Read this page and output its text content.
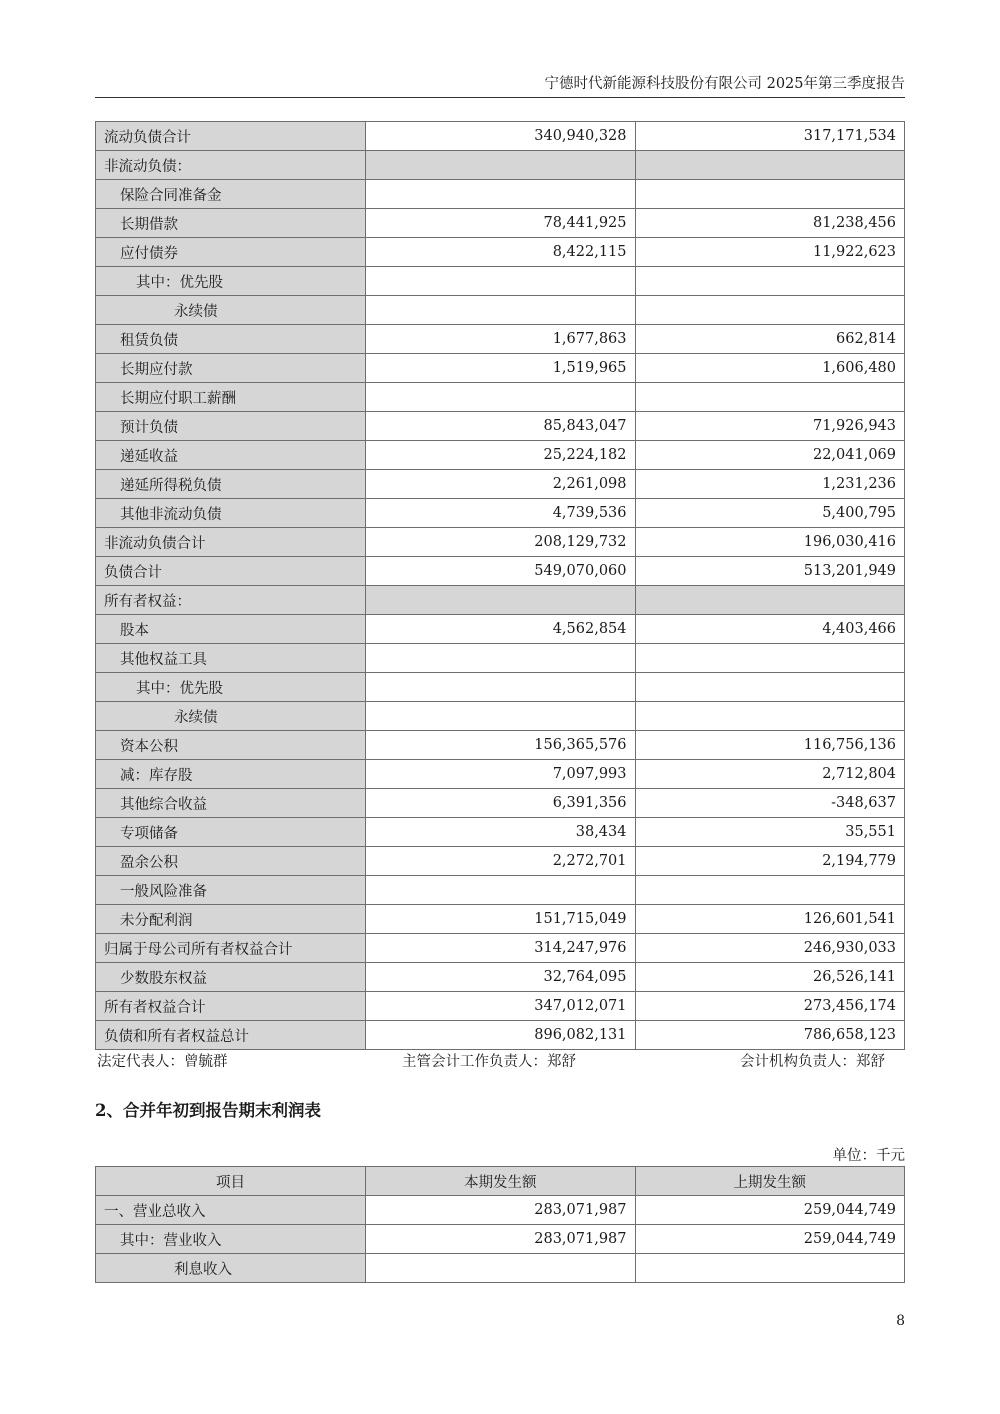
宁德时代新能源科技股份有限公司 2025年第三季度报告
流动负债合计	340,940,328	317,171,534
非流动负债：		
保险合同准备金		
长期借款	78,441,925	81,238,456
应付债券	8,422,115	11,922,623
其中：优先股		
永续债		
租赁负债	1,677,863	662,814
长期应付款	1,519,965	1,606,480
长期应付职工薪酬		
预计负债	85,843,047	71,926,943
递延收益	25,224,182	22,041,069
递延所得税负债	2,261,098	1,231,236
其他非流动负债	4,739,536	5,400,795
非流动负债合计	208,129,732	196,030,416
负债合计	549,070,060	513,201,949
所有者权益：		
股本	4,562,854	4,403,466
其他权益工具		
其中：优先股		
永续债		
资本公积	156,365,576	116,756,136
减：库存股	7,097,993	2,712,804
其他综合收益	6,391,356	-348,637
专项储备	38,434	35,551
盈余公积	2,272,701	2,194,779
一般风险准备		
未分配利润	151,715,049	126,601,541
归属于母公司所有者权益合计	314,247,976	246,930,033
少数股东权益	32,764,095	26,526,141
所有者权益合计	347,012,071	273,456,174
负债和所有者权益总计	896,082,131	786,658,123
法定代表人：曾毓群	主管会计工作负责人：郑舒	会计机构负责人：郑舒
2、合并年初到报告期末利润表
单位：千元
项目	本期发生额	上期发生额
一、营业总收入	283,071,987	259,044,749
其中：营业收入	283,071,987	259,044,749
利息收入		
8
